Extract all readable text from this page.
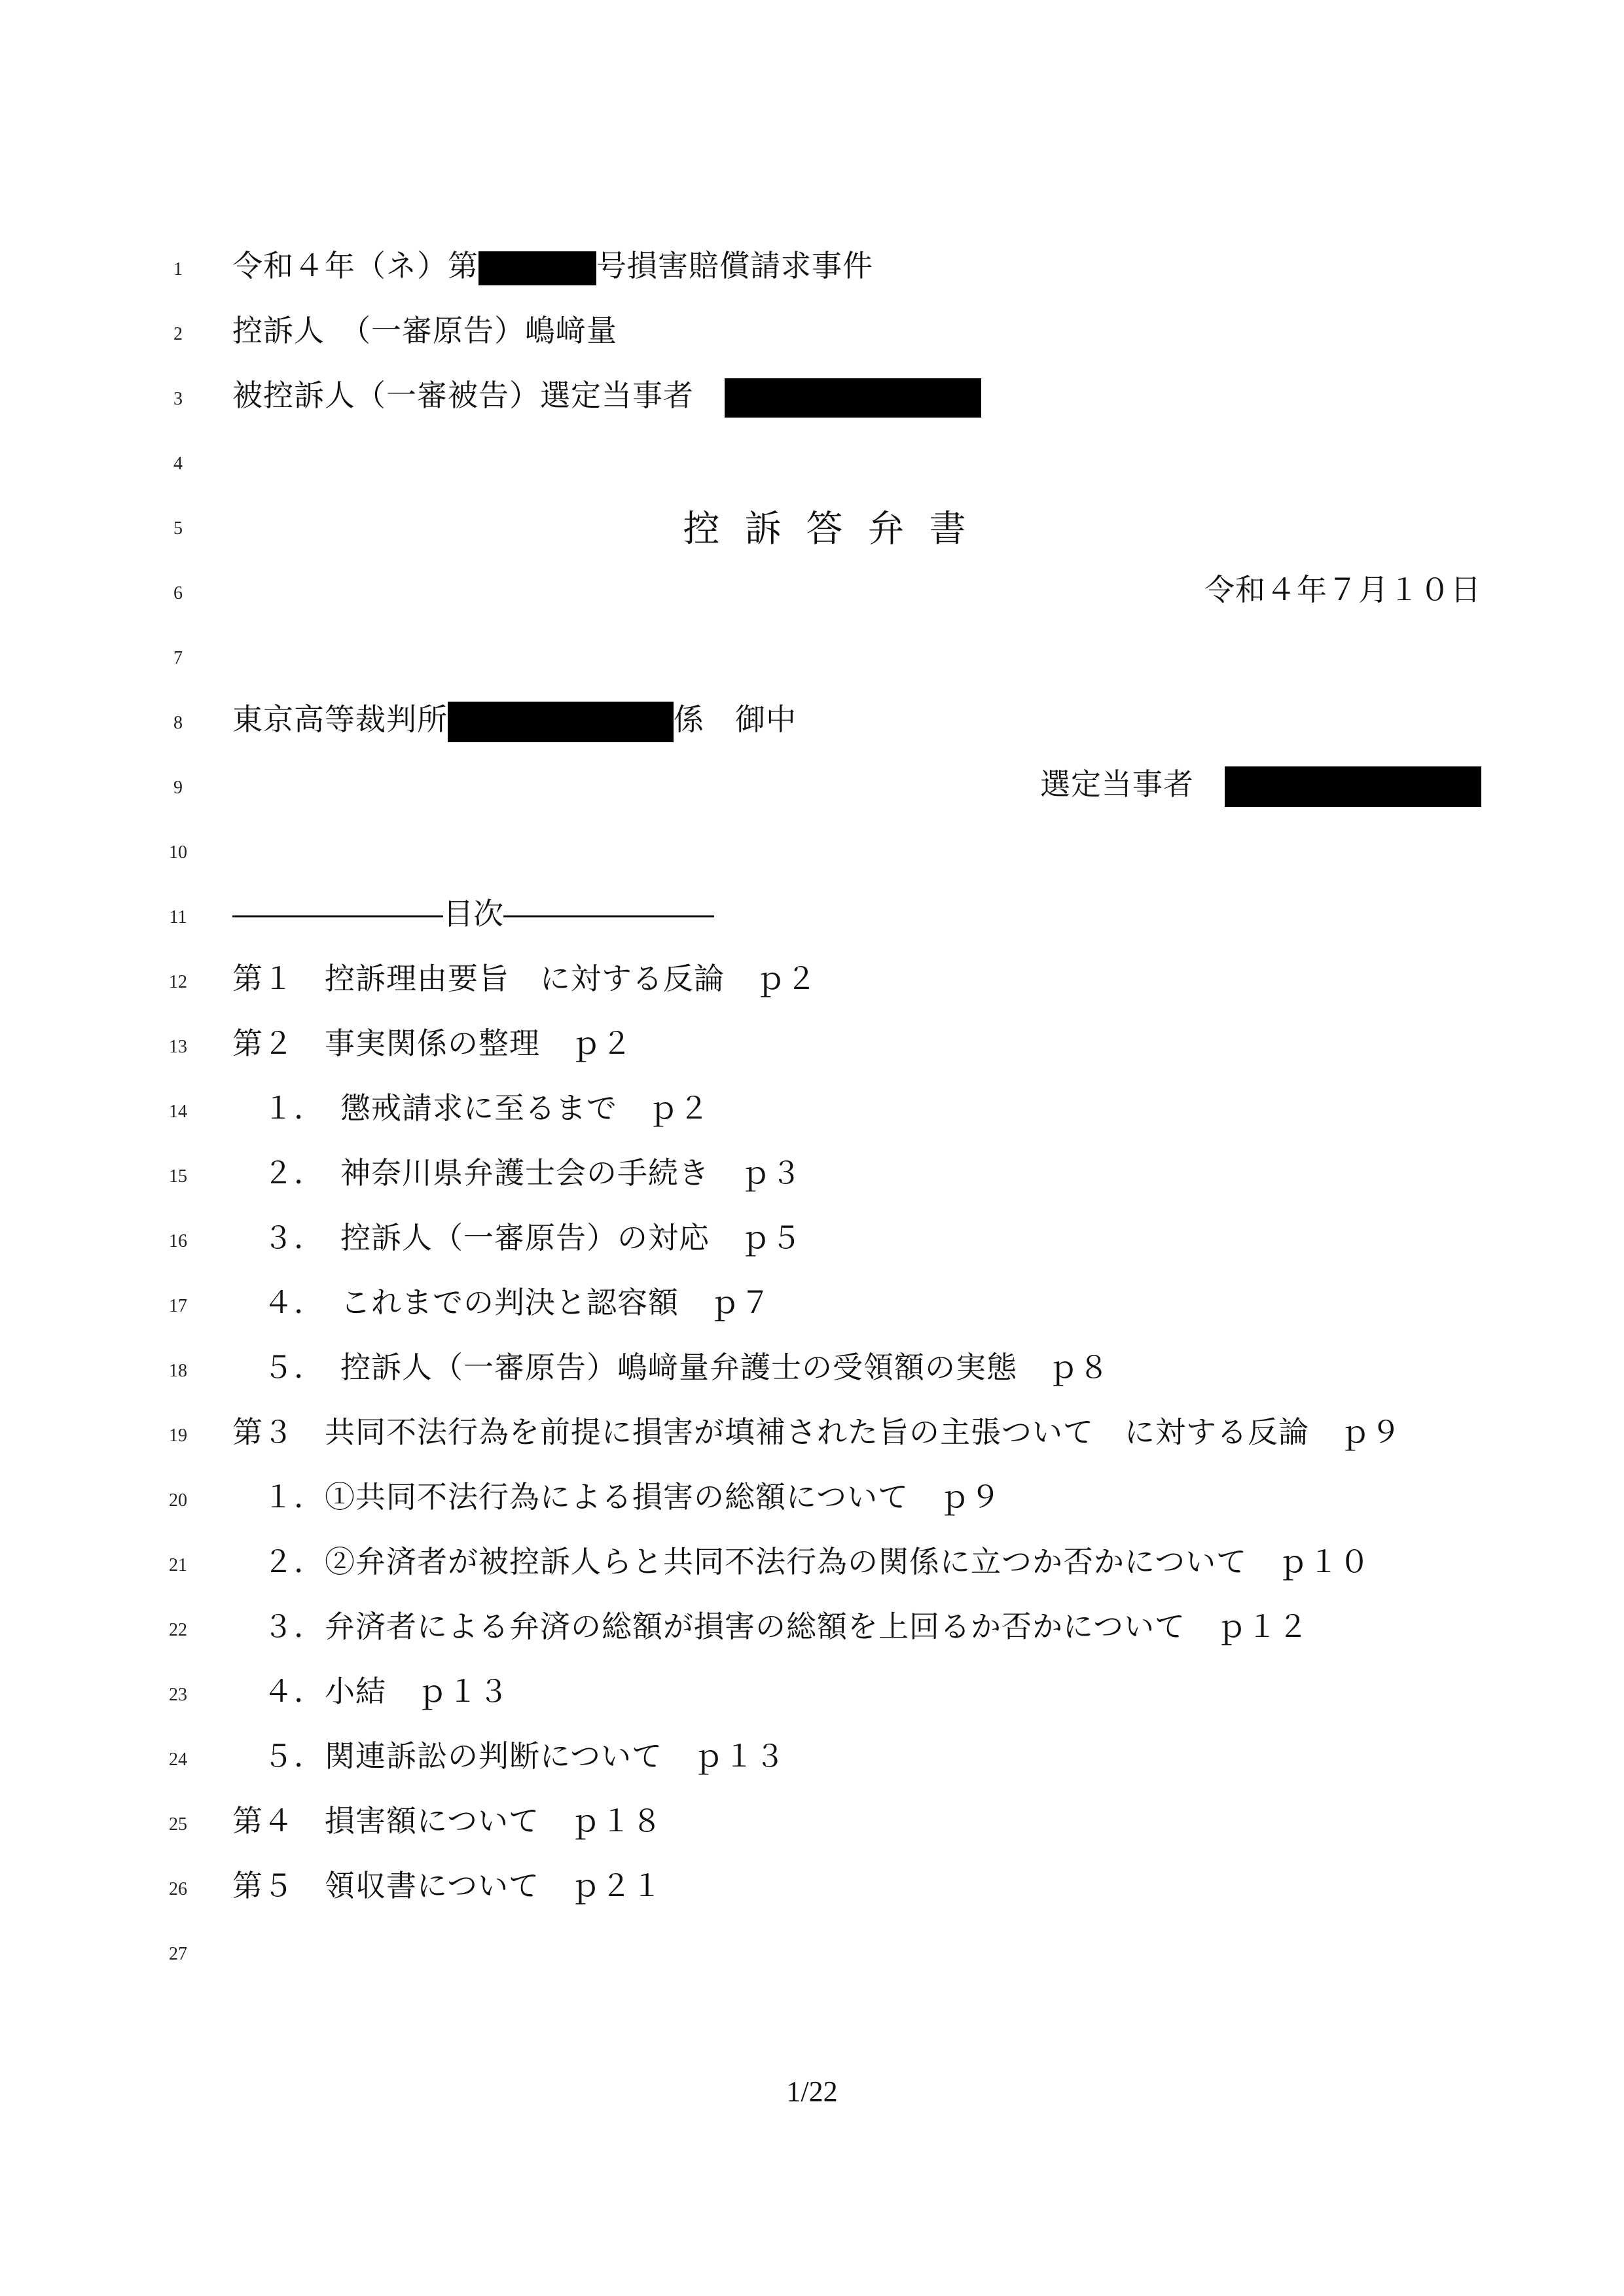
1	令和４年（ネ）第	号損害賠償請求事件
2	控訴人　（一審原告）嶋﨑量
3	被控訴人（一審被告）選定当事者　
4
5	控訴答弁書
6	令和４年７月１０日
7
8	東京高等裁判所	係　御中
9	選定当事者　
10
11	―――――――目次―――――――
12	第１　控訴理由要旨　に対する反論　ｐ２
13	第２　事実関係の整理　ｐ２
14	　１．　懲戒請求に至るまで　ｐ２
15	　２．　神奈川県弁護士会の手続き　ｐ３
16	　３．　控訴人（一審原告）の対応　ｐ５
17	　４．　これまでの判決と認容額　ｐ７
18	　５．　控訴人（一審原告）嶋﨑量弁護士の受領額の実態　ｐ８
19	第３　共同不法行為を前提に損害が填補された旨の主張ついて　に対する反論　ｐ９
20	　１．①共同不法行為による損害の総額について　ｐ９
21	　２．②弁済者が被控訴人らと共同不法行為の関係に立つか否かについて　ｐ１０
22	　３．弁済者による弁済の総額が損害の総額を上回るか否かについて　ｐ１２
23	　４．小結　ｐ１３
24	　５．関連訴訟の判断について　ｐ１３
25	第４　損害額について　ｐ１８
26	第５　領収書について　ｐ２１
27
1/22
